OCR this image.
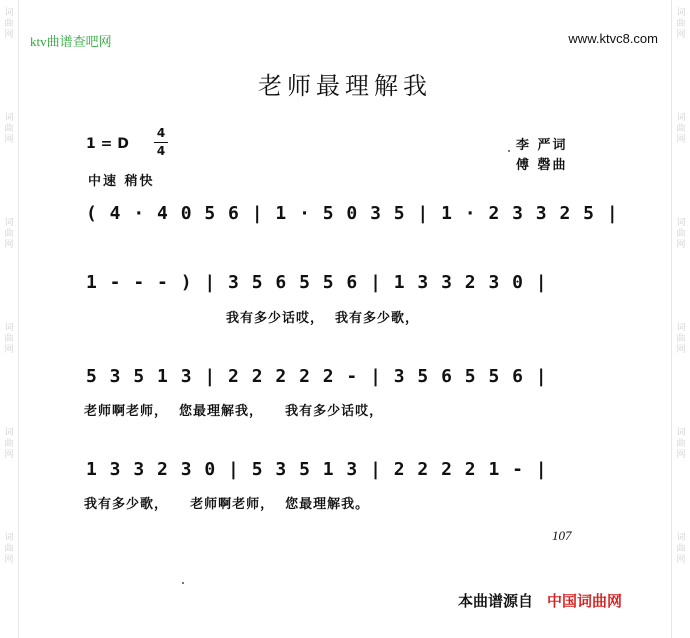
词
曲
网
词
曲
网
词
曲
网
词
曲
网
词
曲
网
词
曲
网
词
曲
网
词
曲
网
词
曲
网
词
曲
网
词
曲
网
词
曲
网
ktv曲谱查吧网	www.ktvc8.com
老师最理解我
1 = D
4
4
中速 稍快
李 严词
傅 磬曲
( 4 · 4 0 5 6 | 1 · 5 0 3 5 | 1 · 2 3 3 2 5 |
1 - - - ) | 3 5 6 5 5 6 | 1 3 3 2 3 0 |
我有多少话哎，  我有多少歌，
5 3 5 1 3 | 2 2 2 2 2 - | 3 5 6 5 5 6 |
老师啊老师，  您最理解我，    我有多少话哎，
1 3 3 2 3 0 | 5 3 5 1 3 | 2 2 2 2 1 - |
我有多少歌，    老师啊老师，  您最理解我。
107
本曲谱源自 中国词曲网
